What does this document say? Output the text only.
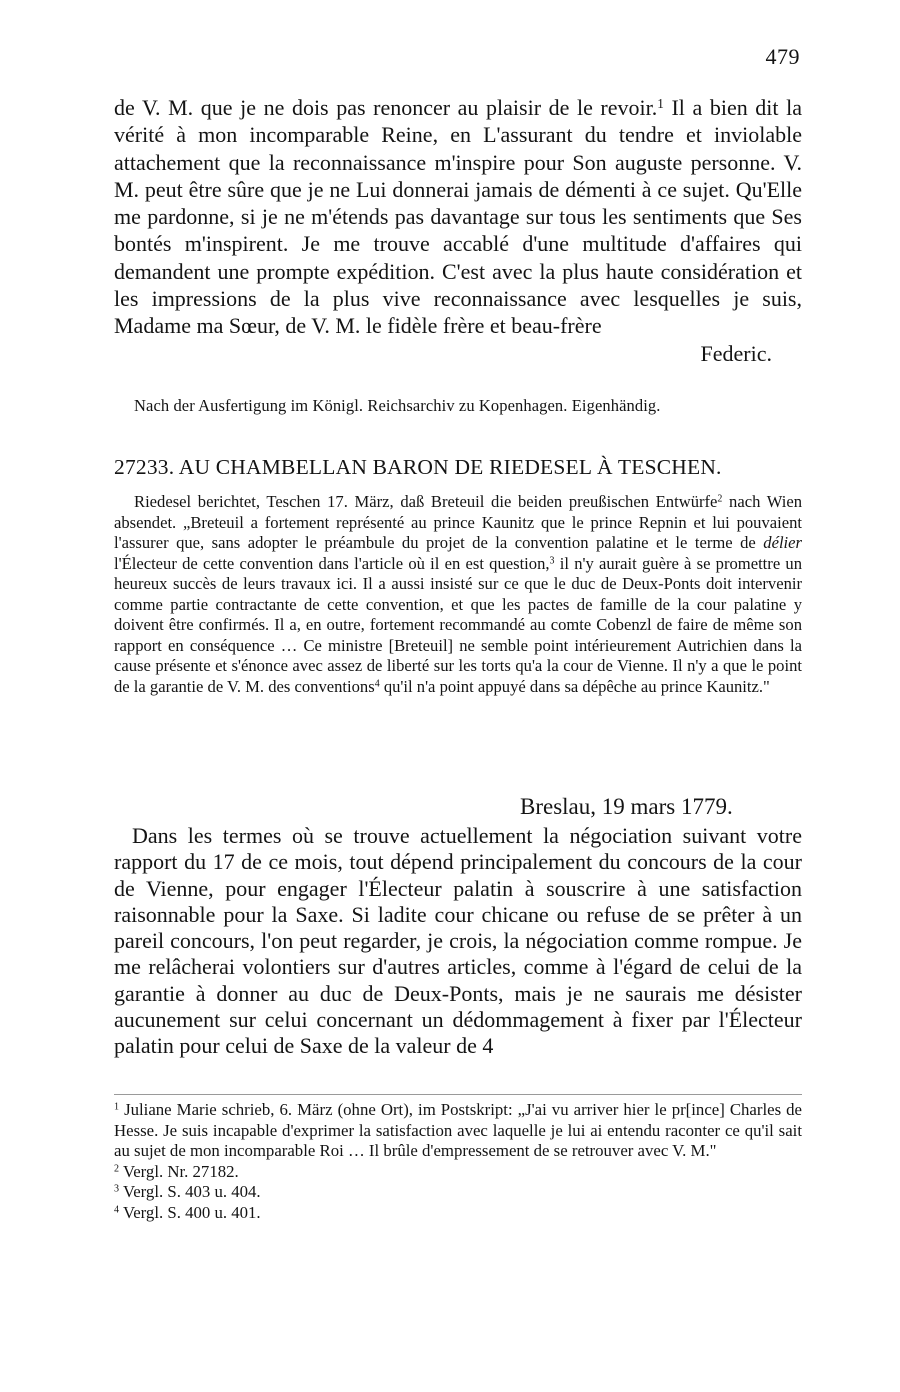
479

de V. M. que je ne dois pas renoncer au plaisir de le revoir.$^1$ Il a bien dit la vérité à mon incomparable Reine, en L'assurant du tendre et inviolable attachement que la reconnaissance m'inspire pour Son auguste personne. V. M. peut être sûre que je ne Lui donnerai jamais de démenti à ce sujet. Qu'Elle me pardonne, si je ne m'étends pas davantage sur tous les sentiments que Ses bontés m'inspirent. Je me trouve accablé d'une multitude d'affaires qui demandent une prompte expédition. C'est avec la plus haute considération et les impressions de la plus vive reconnaissance avec lesquelles je suis, Madame ma Sœur, de V. M. le fidèle frère et beau-frère

Federic.
Nach der Ausfertigung im Königl. Reichsarchiv zu Kopenhagen. Eigenhändig.
27233. AU CHAMBELLAN BARON DE RIEDESEL À TESCHEN.

Riedesel berichtet, Teschen 17. März, daß Breteuil die beiden preußischen Entwürfe$^2$ nach Wien absendet. „Breteuil a fortement représenté au prince Kaunitz que le prince Repnin et lui pouvaient l'assurer que, sans adopter le préambule du projet de la convention palatine et le terme de délier l'Électeur de cette convention dans l'article où il en est question,$^3$ il n'y aurait guère à se promettre un heureux succès de leurs travaux ici. Il a aussi insisté sur ce que le duc de Deux-Ponts doit intervenir comme partie contractante de cette convention, et que les pactes de famille de la cour palatine y doivent être confirmés. Il a, en outre, fortement recommandé au comte Cobenzl de faire de même son rapport en conséquence … Ce ministre [Breteuil] ne semble point intérieurement Autrichien dans la cause présente et s'énonce avec assez de liberté sur les torts qu'a la cour de Vienne. Il n'y a que le point de la garantie de V. M. des conventions$^4$ qu'il n'a point appuyé dans sa dépêche au prince Kaunitz."

Breslau, 19 mars 1779.

Dans les termes où se trouve actuellement la négociation suivant votre rapport du 17 de ce mois, tout dépend principalement du concours de la cour de Vienne, pour engager l'Électeur palatin à souscrire à une satisfaction raisonnable pour la Saxe. Si ladite cour chicane ou refuse de se prêter à un pareil concours, l'on peut regarder, je crois, la négociation comme rompue. Je me relâcherai volontiers sur d'autres articles, comme à l'égard de celui de la garantie à donner au duc de Deux-Ponts, mais je ne saurais me désister aucunement sur celui concernant un dédommagement à fixer par l'Électeur palatin pour celui de Saxe de la valeur de 4

$^1$ Juliane Marie schrieb, 6. März (ohne Ort), im Postskript: „J'ai vu arriver hier le pr[ince] Charles de Hesse. Je suis incapable d'exprimer la satisfaction avec laquelle je lui ai entendu raconter ce qu'il sait au sujet de mon incomparable Roi … Il brûle d'empressement de se retrouver avec V. M."

$^2$ Vergl. Nr. 27182.

$^3$ Vergl. S. 403 u. 404.

$^4$ Vergl. S. 400 u. 401.
